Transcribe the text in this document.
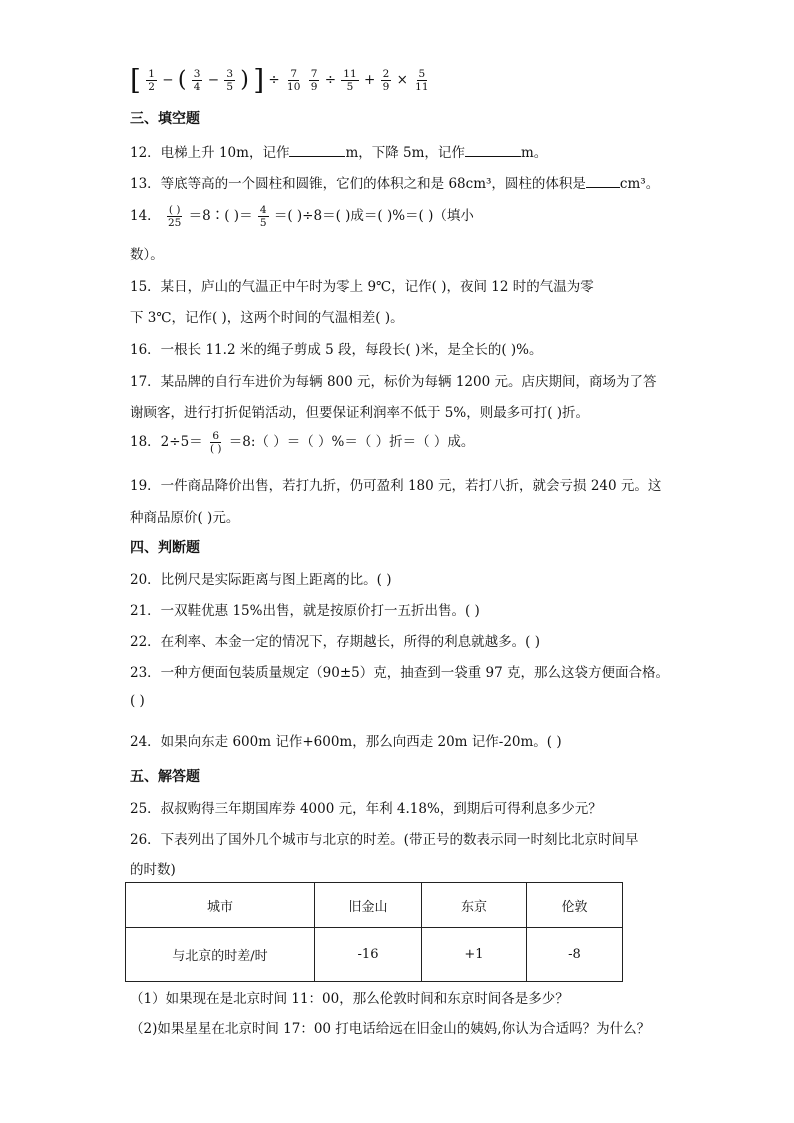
[ $\frac{1}{2}$ − ( $\frac{3}{4} - \frac{3}{5}$ ) ] ÷ $\frac{7}{10}$
$\frac{7}{9} \div \frac{11}{5} + \frac{2}{9} \times \frac{5}{11}$
三、填空题
12．电梯上升 10m，记作	m，下降 5m，记作	m。
13．等底等高的一个圆柱和圆锥，它们的体积之和是 68cm³，圆柱的体积是	cm³。
14． $\frac{( )}{25}$ ＝8∶( )＝ $\frac{4}{5}$ ＝( )÷8＝( )成＝( )%＝( )（填小
数）。
15．某日，庐山的气温正中午时为零上 9℃，记作( )，夜间 12 时的气温为零
下 3℃，记作( )，这两个时间的气温相差( )。
16．一根长 11.2 米的绳子剪成 5 段，每段长( )米，是全长的( )%。
17．某品牌的自行车进价为每辆 800 元，标价为每辆 1200 元。店庆期间，商场为了答
谢顾客，进行打折促销活动，但要保证利润率不低于 5%，则最多可打( )折。
18．$2\div 5= \frac{6}{( )}$ ＝8:（ ）＝（ ）%＝（ ）折＝（ ）成。
19．一件商品降价出售，若打九折，仍可盈利 180 元，若打八折，就会亏损 240 元。这
种商品原价( )元。
四、判断题
20．比例尺是实际距离与图上距离的比。( )
21．一双鞋优惠 15%出售，就是按原价打一五折出售。( )
22．在利率、本金一定的情况下，存期越长，所得的利息就越多。( )
23．一种方便面包装质量规定（90±5）克，抽查到一袋重 97 克，那么这袋方便面合格。
( )
24．如果向东走 600m 记作+600m，那么向西走 20m 记作-20m。( )
五、解答题
25．叔叔购得三年期国库券 4000 元，年利 4.18%，到期后可得利息多少元？
26．下表列出了国外几个城市与北京的时差。(带正号的数表示同一时刻比北京时间早
的时数)
城市	旧金山	东京	伦敦
与北京的时差/时	-16	+1	-8
（1）如果现在是北京时间 11：00，那么伦敦时间和东京时间各是多少？
（2)如果星星在北京时间 17：00 打电话给远在旧金山的姨妈,你认为合适吗？为什么？
